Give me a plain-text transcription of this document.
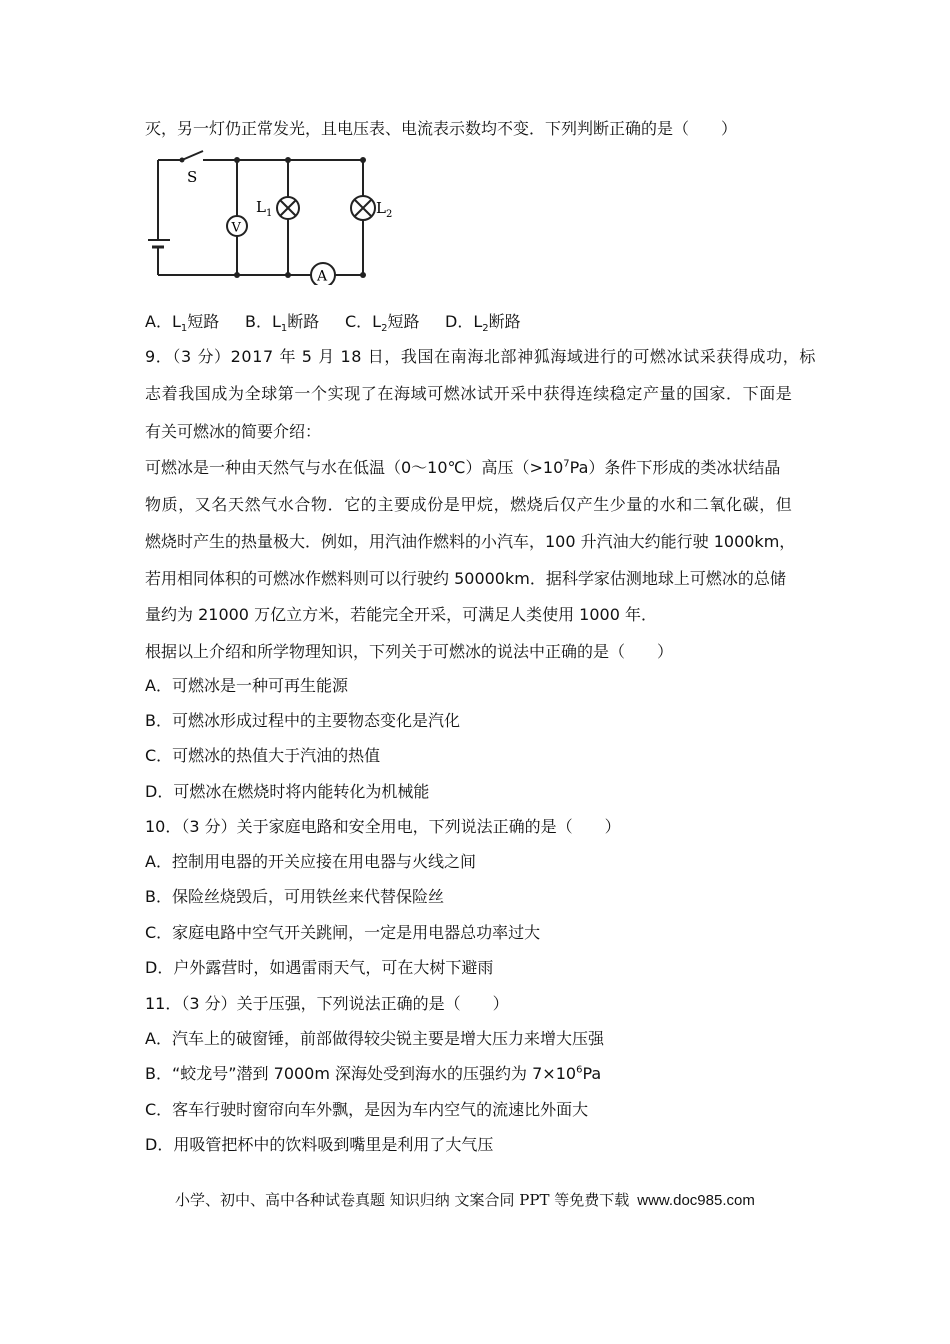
灭，另一灯仍正常发光，且电压表、电流表示数均不变．下列判断正确的是（　　）
S
V
A
$L_1$	$L_2$
A．$L_1$短路 B．$L_1$断路 C．$L_2$短路 D．$L_2$断路
9．（3 分）2017 年 5 月 18 日，我国在南海北部神狐海域进行的可燃冰试采获得成功，标
志着我国成为全球第一个实现了在海域可燃冰试开采中获得连续稳定产量的国家．下面是
有关可燃冰的简要介绍：
可燃冰是一种由天然气与水在低温（0～10℃）高压$(>10^7Pa)$条件下形成的类冰状结晶
物质，又名天然气水合物．它的主要成份是甲烷，燃烧后仅产生少量的水和二氧化碳，但
燃烧时产生的热量极大．例如，用汽油作燃料的小汽车，100 升汽油大约能行驶 1000km，
若用相同体积的可燃冰作燃料则可以行驶约 50000km．据科学家估测地球上可燃冰的总储
量约为 21000 万亿立方米，若能完全开采，可满足人类使用 1000 年．
根据以上介绍和所学物理知识，下列关于可燃冰的说法中正确的是（　　）
A．可燃冰是一种可再生能源
B．可燃冰形成过程中的主要物态变化是汽化
C．可燃冰的热值大于汽油的热值
D．可燃冰在燃烧时将内能转化为机械能
10．（3 分）关于家庭电路和安全用电，下列说法正确的是（　　）
A．控制用电器的开关应接在用电器与火线之间
B．保险丝烧毁后，可用铁丝来代替保险丝
C．家庭电路中空气开关跳闸，一定是用电器总功率过大
D．户外露营时，如遇雷雨天气，可在大树下避雨
11．（3 分）关于压强，下列说法正确的是（　　）
A．汽车上的破窗锤，前部做得较尖锐主要是增大压力来增大压强
B．“蛟龙号”潜到 7000m 深海处受到海水的压强约为 $7\times 10^6Pa$
C．客车行驶时窗帘向车外飘，是因为车内空气的流速比外面大
D．用吸管把杯中的饮料吸到嘴里是利用了大气压
小学、初中、高中各种试卷真题 知识归纳 文案合同 PPT 等免费下载 www.doc985.com
